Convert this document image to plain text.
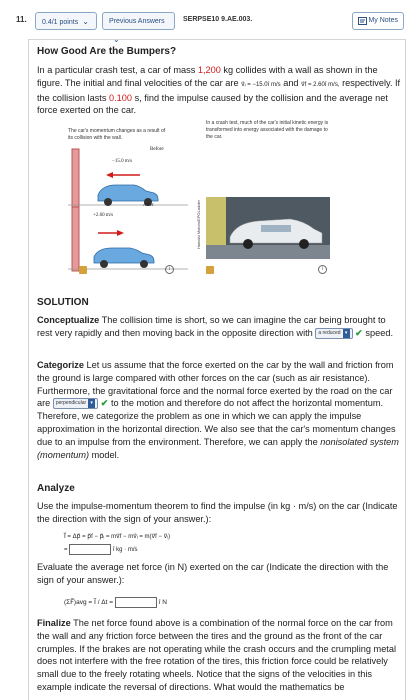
11.	0.4/1 points ⌄	Previous Answers⌄
SERPSE10 9.AE.003.	My Notes
How Good Are the Bumpers?
In a particular crash test, a car of mass 1,200 kg collides with a wall as shown in the figure. The initial and final velocities of the car are v⃗ᵢ = −15.0î m/s and v⃗f = 2.60î m/s, respectively. If the collision lasts 0.100 s, find the impulse caused by the collision and the average net force exerted on the car.
The car's momentum changes as a result of its collision with the wall.
Before
−15.0 m/s
After
+2.60 m/s
i
In a crash test, much of the car's initial kinetic energy is transformed into energy associated with the damage to the car.
Hamdai Motors/EPOLadder
i
SOLUTION
Conceptualize The collision time is short, so we can imagine the car being brought to rest very rapidly and then moving back in the opposite direction with a reduced ▾ ✔ speed.
Categorize Let us assume that the force exerted on the car by the wall and friction from the ground is large compared with other forces on the car (such as air resistance). Furthermore, the gravitational force and the normal force exerted by the road on the car are perpendicular ▾ ✔ to the motion and therefore do not affect the horizontal momentum. Therefore, we categorize the problem as one in which we can apply the impulse approximation in the horizontal direction. We also see that the car's momentum changes due to an impulse from the environment. Therefore, we can apply the nonisolated system (momentum) model.
Analyze
Use the impulse-momentum theorem to find the impulse (in kg · m/s) on the car (Indicate the direction with the sign of your answer.):
I⃗ = Δp⃗ = p⃗f − p⃗ᵢ = mv⃗f − mv⃗ᵢ = m(v⃗f − v⃗ᵢ)
=	î kg · m/s
Evaluate the average net force (in N) exerted on the car (Indicate the direction with the sign of your answer.):
(ΣF⃗)avg = I⃗ / Δt =	î N
Finalize The net force found above is a combination of the normal force on the car from the wall and any friction force between the tires and the ground as the front of the car crumples. If the brakes are not operating while the crash occurs and the crumpling metal does not interfere with the free rotation of the tires, this friction force could be relatively small due to the freely rotating wheels. Notice that the signs of the velocities in this example indicate the reversal of directions. What would the mathematics be
